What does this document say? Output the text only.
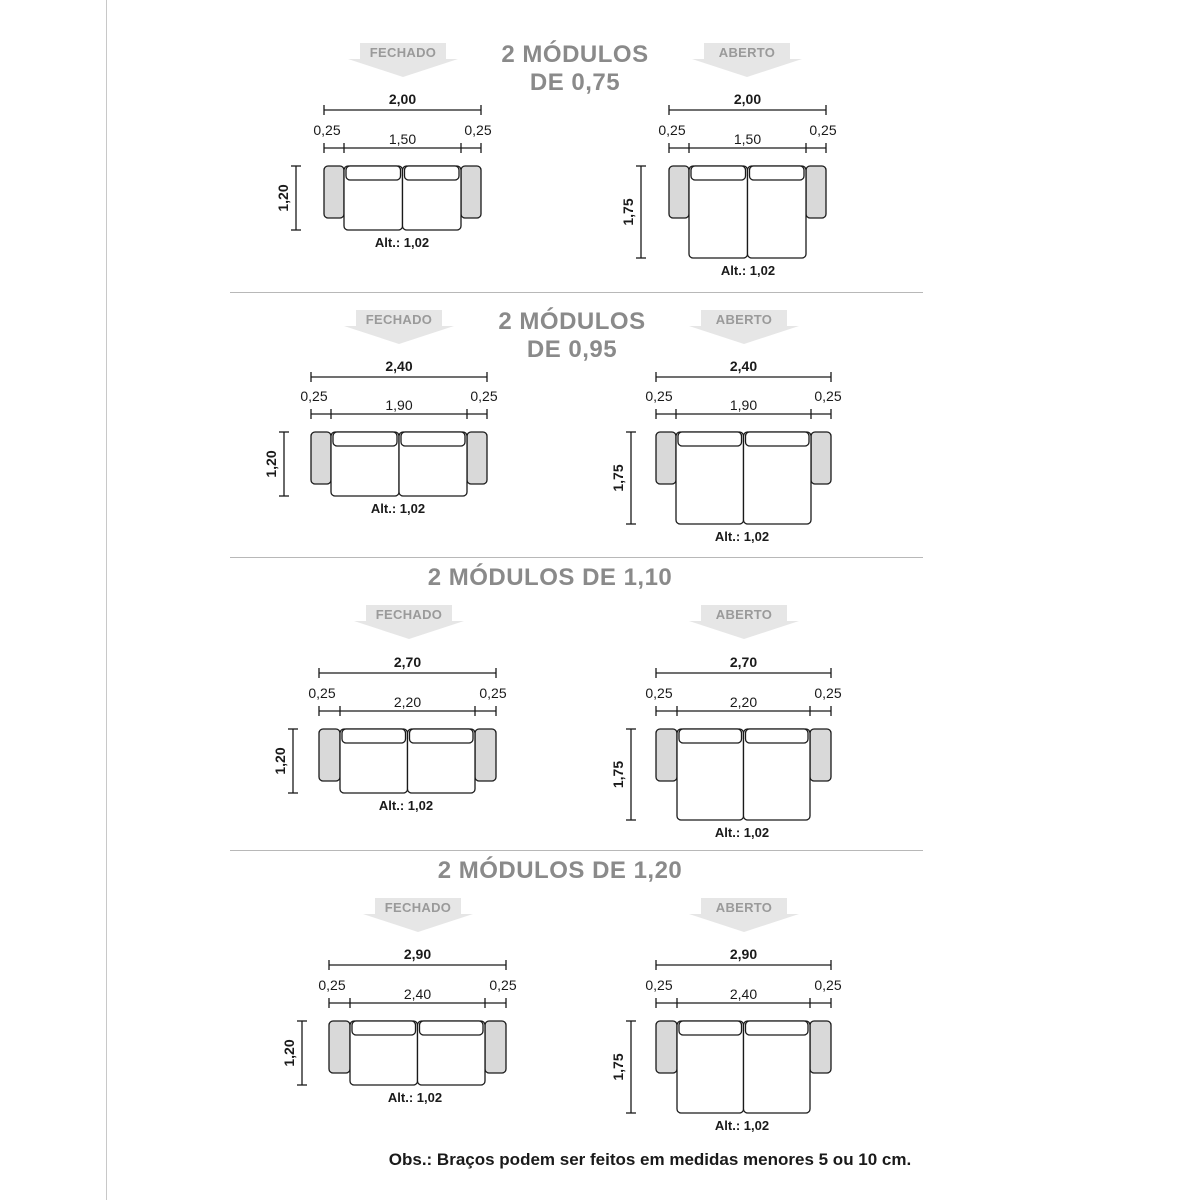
2 MÓDULOS
DE 0,75
2 MÓDULOS
DE 0,95
2 MÓDULOS DE 1,10
2 MÓDULOS DE 1,20
FECHADO	ABERTO
FECHADO	ABERTO
FECHADO	ABERTO
FECHADO	ABERTO
2,00
0,25	0,25
1,50
1,20
Alt.: 1,02
2,00
0,25	0,25
1,50
1,75
Alt.: 1,02
2,40
0,25	0,25
1,90
1,20
Alt.: 1,02
2,40
0,25	0,25
1,90
1,75
Alt.: 1,02
2,70
0,25	0,25
2,20
1,20
Alt.: 1,02
2,70
0,25	0,25
2,20
1,75
Alt.: 1,02
2,90
0,25	0,25
2,40
1,20
Alt.: 1,02
2,90
0,25	0,25
2,40
1,75
Alt.: 1,02
Obs.: Braços podem ser feitos em medidas menores 5 ou 10 cm.
